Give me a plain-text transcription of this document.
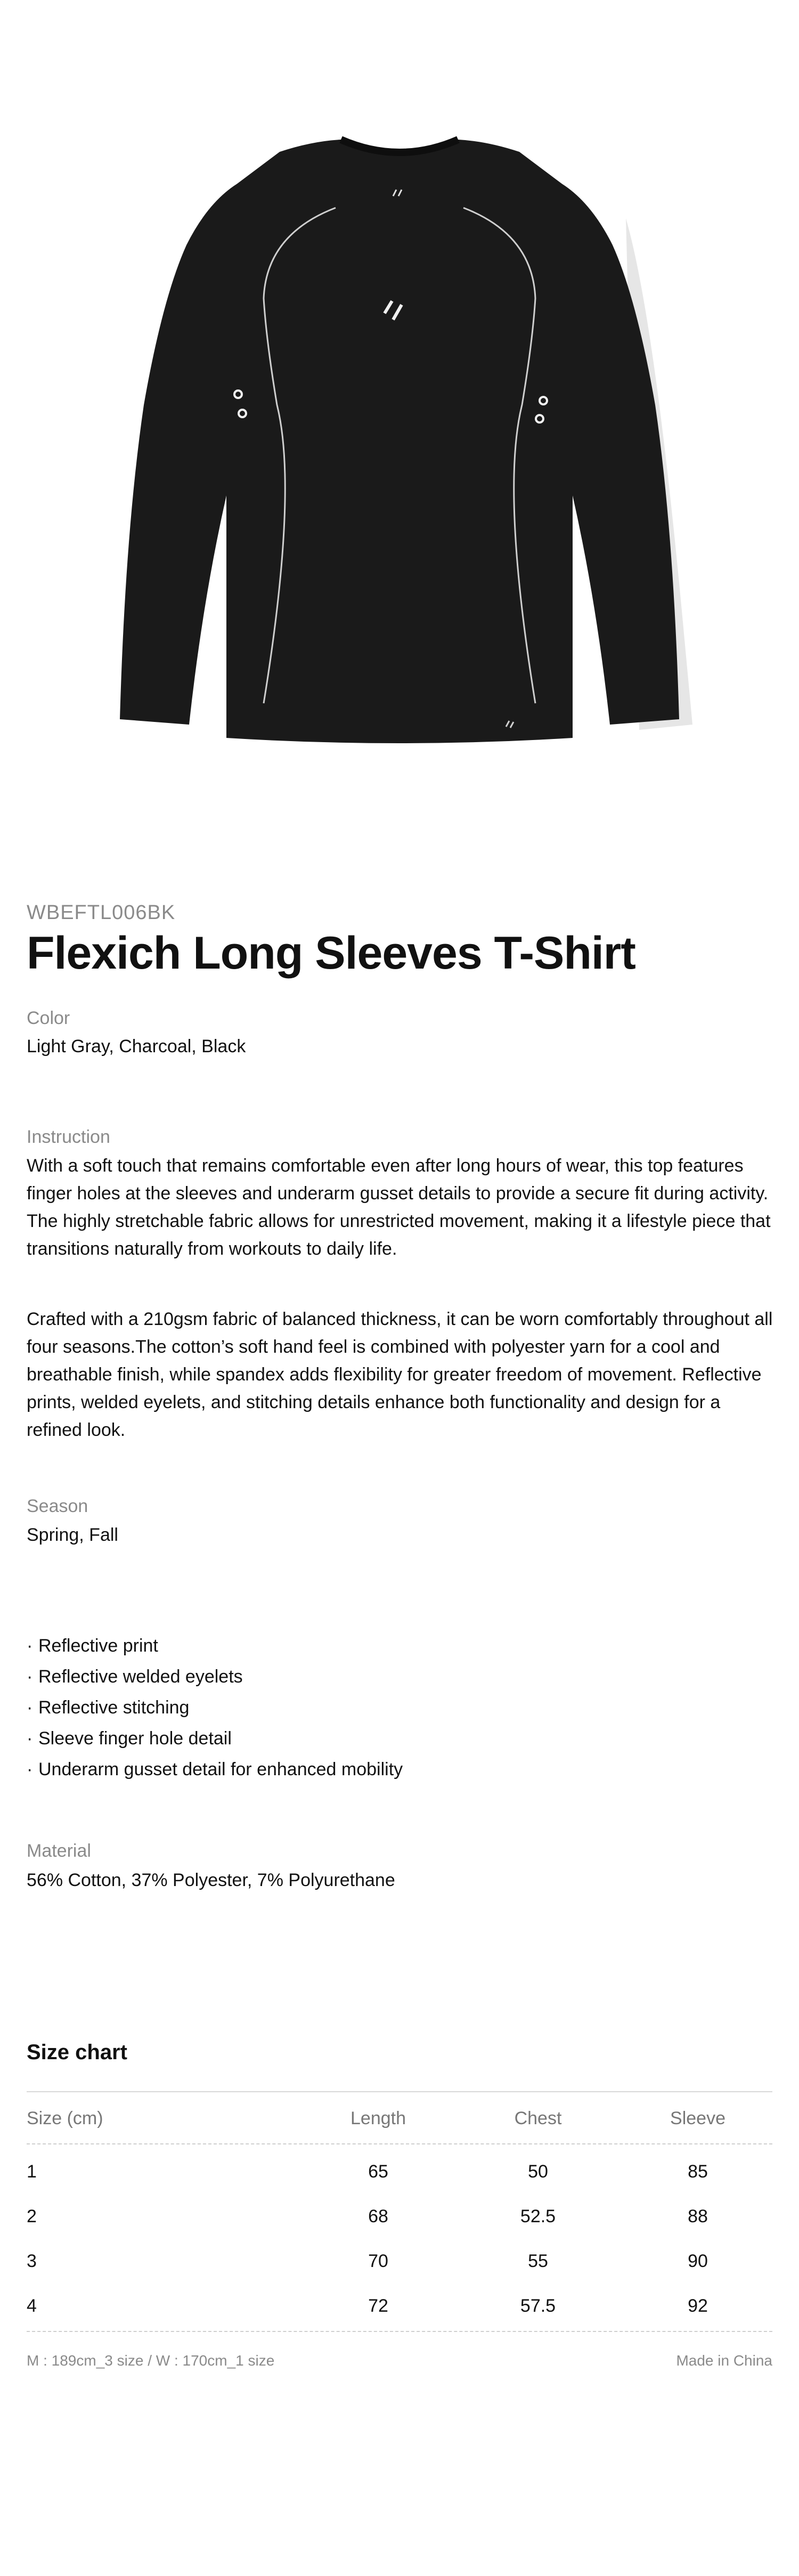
WBEFTL006BK
Flexich Long Sleeves T-Shirt
Color
Light Gray, Charcoal, Black
Instruction

With a soft touch that remains comfortable even after long hours of wear, this top features finger holes at the sleeves and underarm gusset details to provide a secure fit during activity. The highly stretchable fabric allows for unrestricted movement, making it a lifestyle piece that transitions naturally from workouts to daily life.

Crafted with a 210gsm fabric of balanced thickness, it can be worn comfortably throughout all four seasons.The cotton’s soft hand feel is combined with polyester yarn for a cool and breathable finish, while spandex adds flexibility for greater freedom of movement. Reflective prints, welded eyelets, and stitching details enhance both functionality and design for a refined look.

Season
Spring, Fall
· Reflective print
· Reflective welded eyelets
· Reflective stitching
· Sleeve finger hole detail
· Underarm gusset detail for enhanced mobility
Material
56% Cotton, 37% Polyester, 7% Polyurethane
Size chart
Size (cm)	Length	Chest	Sleeve
1	65	50	85
2	68	52.5	88
3	70	55	90
4	72	57.5	92
M : 189cm_3 size / W : 170cm_1 size	Made in China
